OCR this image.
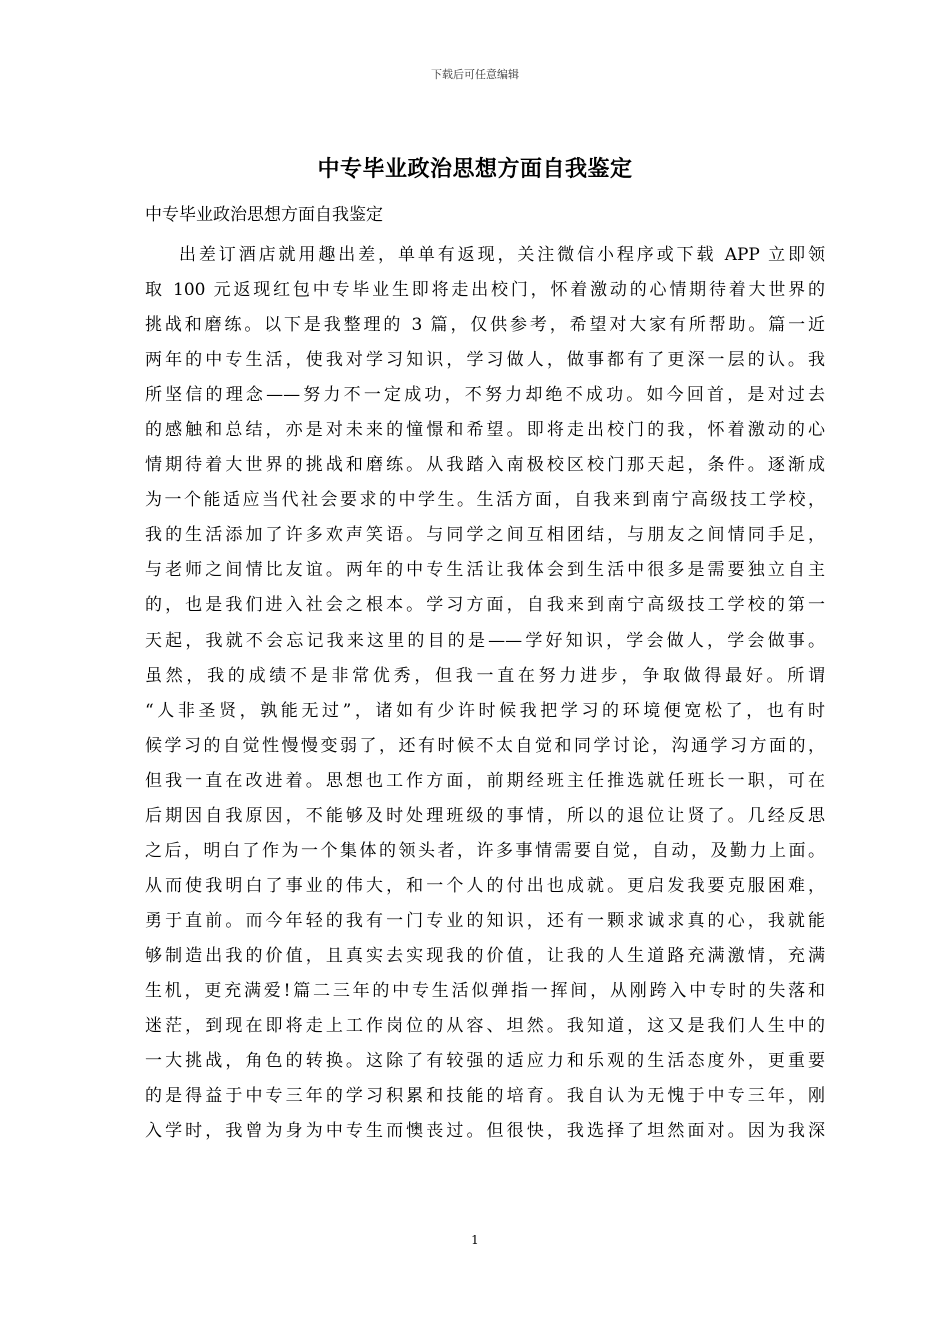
下载后可任意编辑
中专毕业政治思想方面自我鉴定
中专毕业政治思想方面自我鉴定
出差订酒店就用趣出差，单单有返现，关注微信小程序或下载 APP 立即领
取 100 元返现红包中专毕业生即将走出校门，怀着激动的心情期待着大世界的
挑战和磨练。以下是我整理的 3 篇，仅供参考，希望对大家有所帮助。篇一近
两年的中专生活，使我对学习知识，学习做人，做事都有了更深一层的认。我
所坚信的理念——努力不一定成功，不努力却绝不成功。如今回首，是对过去
的感触和总结，亦是对未来的憧憬和希望。即将走出校门的我，怀着激动的心
情期待着大世界的挑战和磨练。从我踏入南极校区校门那天起，条件。逐渐成
为一个能适应当代社会要求的中学生。生活方面，自我来到南宁高级技工学校，
我的生活添加了许多欢声笑语。与同学之间互相团结，与朋友之间情同手足，
与老师之间情比友谊。两年的中专生活让我体会到生活中很多是需要独立自主
的，也是我们进入社会之根本。学习方面，自我来到南宁高级技工学校的第一
天起，我就不会忘记我来这里的目的是——学好知识，学会做人，学会做事。
虽然，我的成绩不是非常优秀，但我一直在努力进步，争取做得最好。所谓
“人非圣贤，孰能无过”，诸如有少许时候我把学习的环境便宽松了，也有时
候学习的自觉性慢慢变弱了，还有时候不太自觉和同学讨论，沟通学习方面的，
但我一直在改进着。思想也工作方面，前期经班主任推选就任班长一职，可在
后期因自我原因，不能够及时处理班级的事情，所以的退位让贤了。几经反思
之后，明白了作为一个集体的领头者，许多事情需要自觉，自动，及勤力上面。
从而使我明白了事业的伟大，和一个人的付出也成就。更启发我要克服困难，
勇于直前。而今年轻的我有一门专业的知识，还有一颗求诚求真的心，我就能
够制造出我的价值，且真实去实现我的价值，让我的人生道路充满激情，充满
生机，更充满爱!篇二三年的中专生活似弹指一挥间，从刚跨入中专时的失落和
迷茫，到现在即将走上工作岗位的从容、坦然。我知道，这又是我们人生中的
一大挑战，角色的转换。这除了有较强的适应力和乐观的生活态度外，更重要
的是得益于中专三年的学习积累和技能的培育。我自认为无愧于中专三年，刚
入学时，我曾为身为中专生而懊丧过。但很快，我选择了坦然面对。因为我深
1
